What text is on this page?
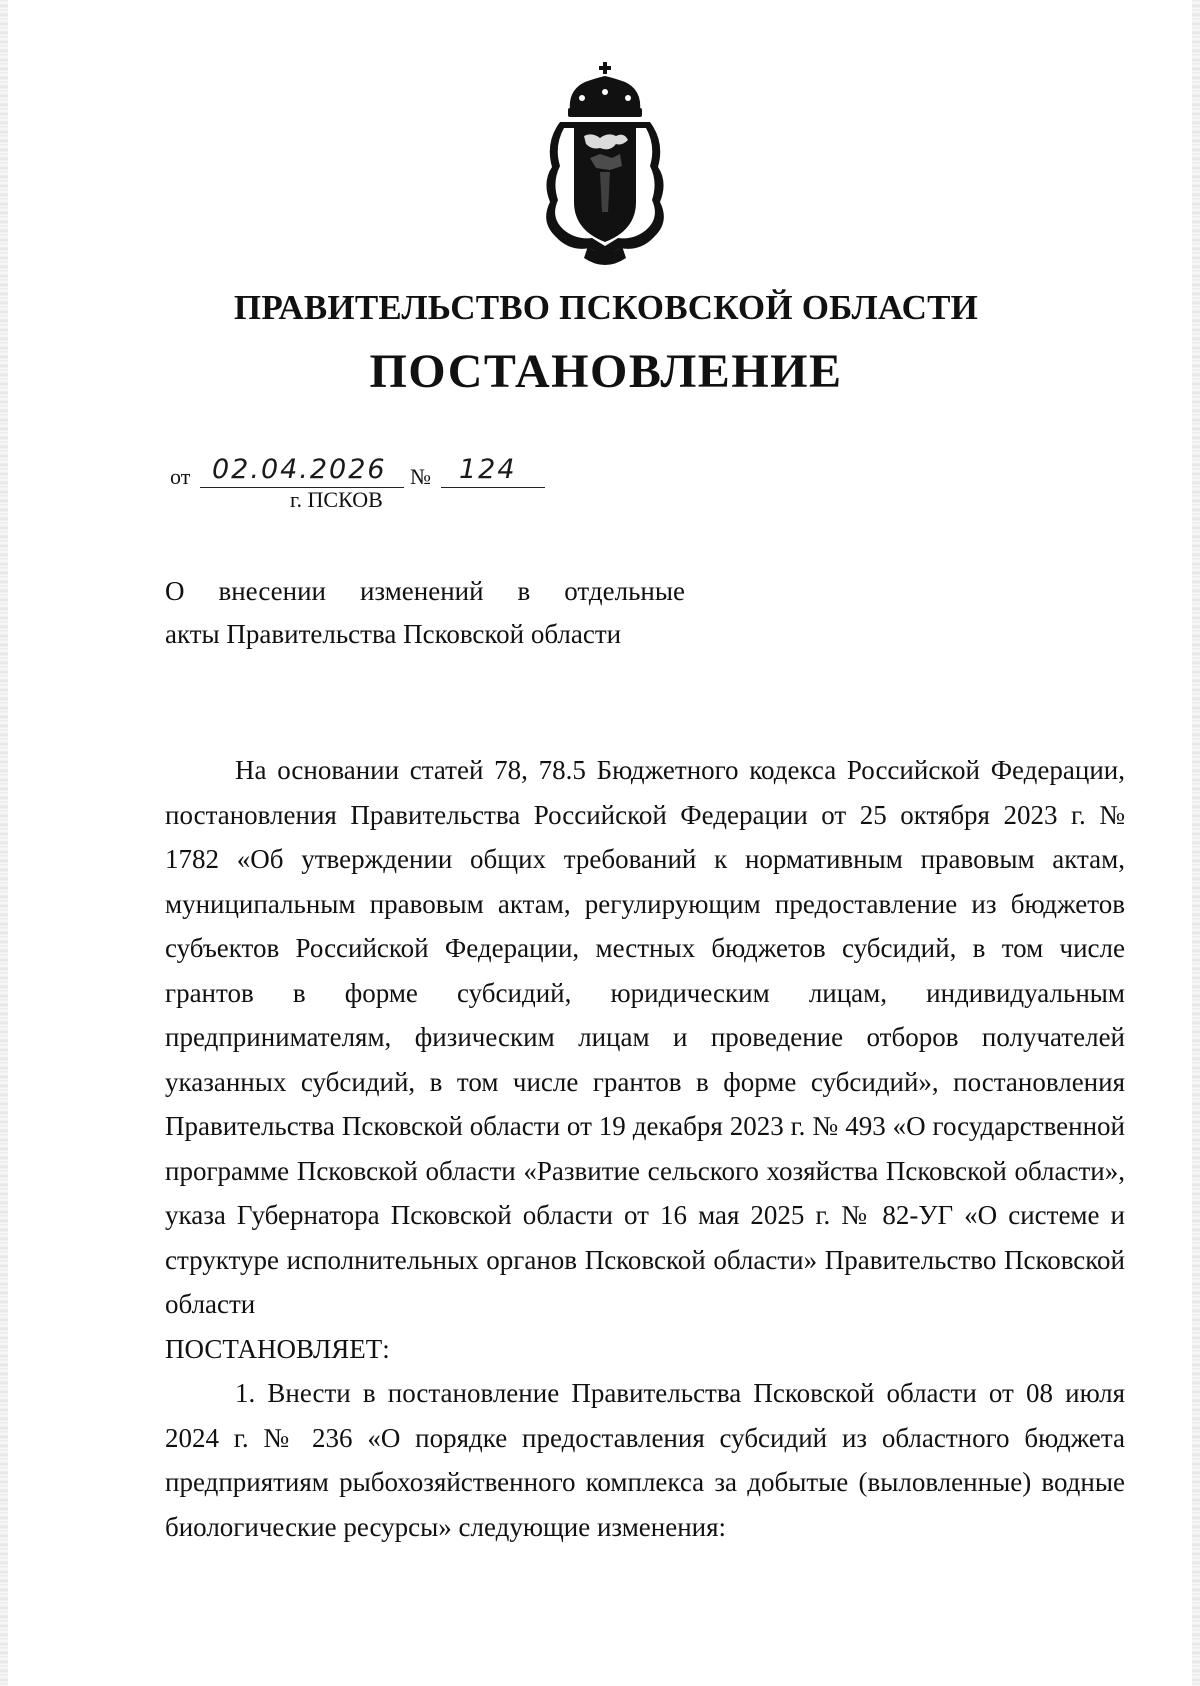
ПРАВИТЕЛЬСТВО ПСКОВСКОЙ ОБЛАСТИ
ПОСТАНОВЛЕНИЕ
от 02.04.2026 № 124
г. ПСКОВ
О внесении изменений в отдельные
акты Правительства Псковской области

На основании статей 78, 78.5 Бюджетного кодекса Российской Федерации, постановления Правительства Российской Федерации от 25 октября 2023 г. № 1782 «Об утверждении общих требований к нормативным правовым актам, муниципальным правовым актам, регулирующим предоставление из бюджетов субъектов Российской Федерации, местных бюджетов субсидий, в том числе грантов в форме субсидий, юридическим лицам, индивидуальным предпринимателям, физическим лицам и проведение отборов получателей указанных субсидий, в том числе грантов в форме субсидий», постановления Правительства Псковской области от 19 декабря 2023 г. № 493 «О государственной программе Псковской области «Развитие сельского хозяйства Псковской области», указа Губернатора Псковской области от 16 мая 2025 г. № 82-УГ «О системе и структуре исполнительных органов Псковской области» Правительство Псковской области

ПОСТАНОВЛЯЕТ:

1. Внести в постановление Правительства Псковской области от 08 июля 2024 г. № 236 «О порядке предоставления субсидий из областного бюджета предприятиям рыбохозяйственного комплекса за добытые (выловленные) водные биологические ресурсы» следующие изменения:
